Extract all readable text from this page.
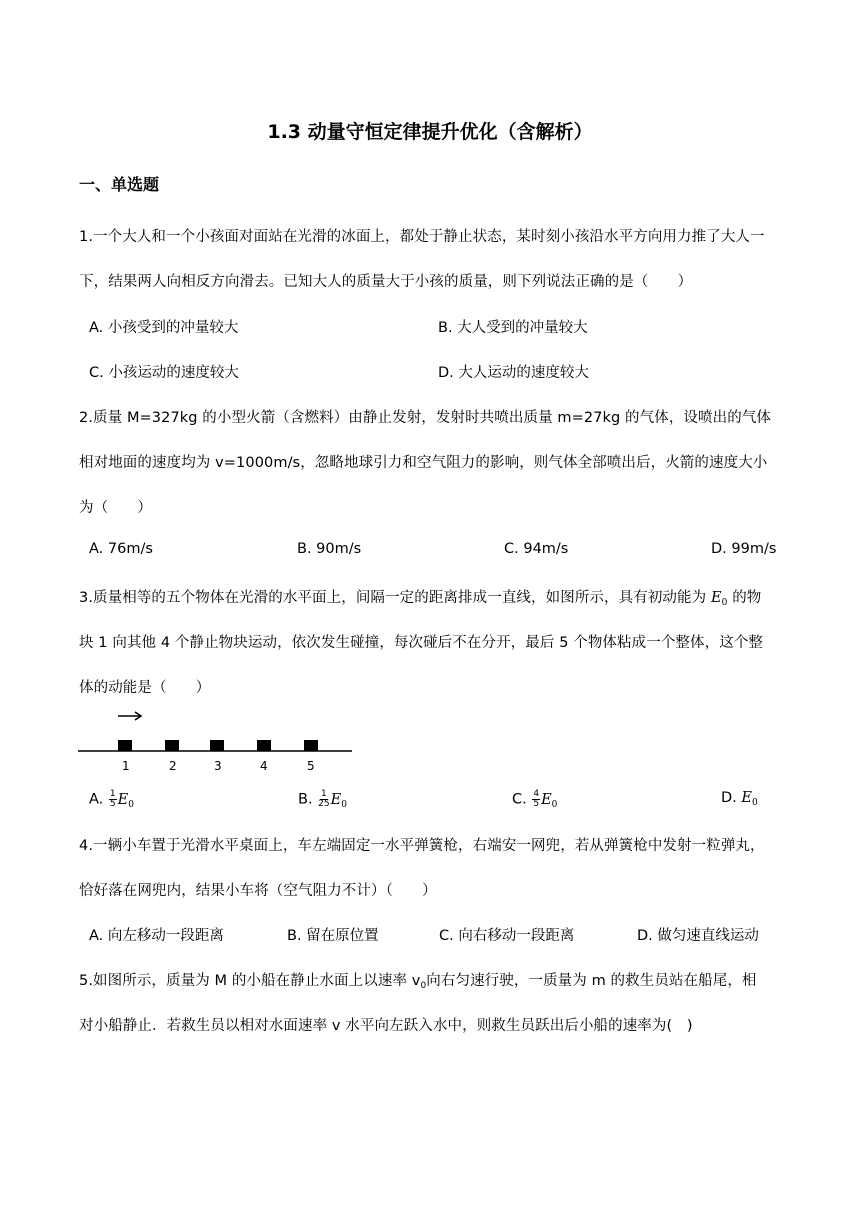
1.3 动量守恒定律提升优化（含解析）
一、单选题
1.一个大人和一个小孩面对面站在光滑的冰面上，都处于静止状态，某时刻小孩沿水平方向用力推了大人一
下，结果两人向相反方向滑去。已知大人的质量大于小孩的质量，则下列说法正确的是（　　）
A. 小孩受到的冲量较大	B. 大人受到的冲量较大
C. 小孩运动的速度较大	D. 大人运动的速度较大
2.质量 M=327kg 的小型火箭（含燃料）由静止发射，发射时共喷出质量 m=27kg 的气体，设喷出的气体
相对地面的速度均为 v=1000m/s，忽略地球引力和空气阻力的影响，则气体全部喷出后，火箭的速度大小
为（　　）
A. 76m/s	B. 90m/s	C. 94m/s	D. 99m/s
3.质量相等的五个物体在光滑的水平面上，间隔一定的距离排成一直线，如图所示，具有初动能为 $E_0$ 的物
块 1 向其他 4 个静止物块运动，依次发生碰撞，每次碰后不在分开，最后 5 个物体粘成一个整体，这个整
体的动能是（　　）
1	2	3	4	5
A. $\frac{1}{5} E_0$	B. $\frac{1}{25} E_0$	C. $\frac{4}{5} E_0$	D. $E_0$
4.一辆小车置于光滑水平桌面上，车左端固定一水平弹簧枪，右端安一网兜，若从弹簧枪中发射一粒弹丸，
恰好落在网兜内，结果小车将（空气阻力不计）（　　）
A. 向左移动一段距离	B. 留在原位置	C. 向右移动一段距离	D. 做匀速直线运动
5.如图所示，质量为 M 的小船在静止水面上以速率 $v_0$向右匀速行驶，一质量为 m 的救生员站在船尾，相
对小船静止．若救生员以相对水面速率 v 水平向左跃入水中，则救生员跃出后小船的速率为(　)
